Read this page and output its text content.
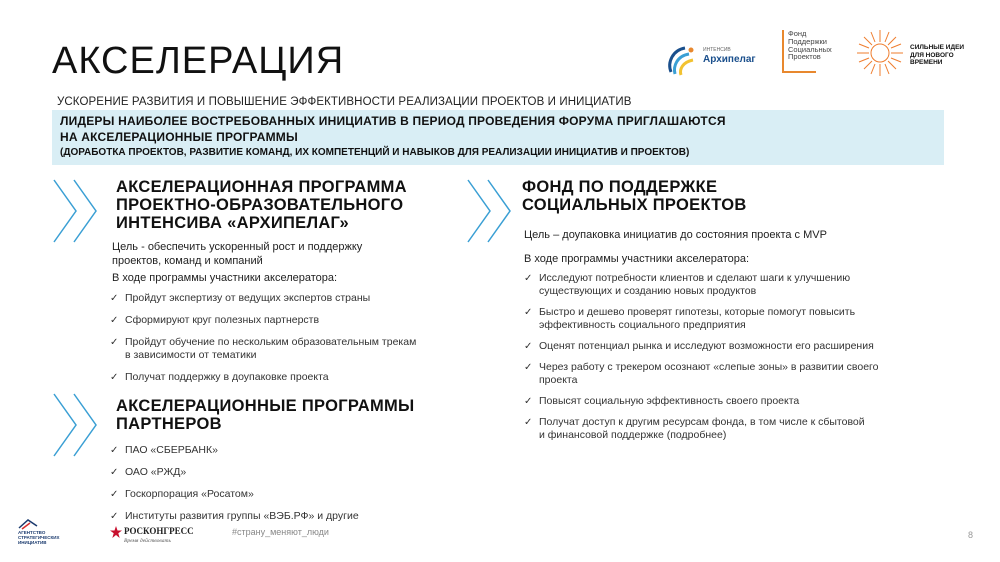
АКСЕЛЕРАЦИЯ
УСКОРЕНИЕ РАЗВИТИЯ И ПОВЫШЕНИЕ ЭФФЕКТИВНОСТИ РЕАЛИЗАЦИИ ПРОЕКТОВ И ИНИЦИАТИВ
ИНТЕНСИВ
Архипелаг
Фонд
Поддержки
Социальных
Проектов
СИЛЬНЫЕ ИДЕИ
ДЛЯ НОВОГО
ВРЕМЕНИ
ЛИДЕРЫ НАИБОЛЕЕ ВОСТРЕБОВАННЫХ ИНИЦИАТИВ В ПЕРИОД ПРОВЕДЕНИЯ ФОРУМА ПРИГЛАШАЮТСЯ
НА АКСЕЛЕРАЦИОННЫЕ ПРОГРАММЫ
(ДОРАБОТКА ПРОЕКТОВ, РАЗВИТИЕ КОМАНД, ИХ КОМПЕТЕНЦИЙ И НАВЫКОВ ДЛЯ РЕАЛИЗАЦИИ ИНИЦИАТИВ И ПРОЕКТОВ)
АКСЕЛЕРАЦИОННАЯ ПРОГРАММА
ПРОЕКТНО-ОБРАЗОВАТЕЛЬНОГО
ИНТЕНСИВА «АРХИПЕЛАГ»
Цель - обеспечить ускоренный рост и поддержку
проектов, команд и компаний
В ходе программы участники акселератора:
✓ Пройдут экспертизу от ведущих экспертов страны
✓ Сформируют круг полезных партнерств
✓ Пройдут обучение по нескольким образовательным трекам
в зависимости от тематики
✓ Получат поддержку в доупаковке проекта
АКСЕЛЕРАЦИОННЫЕ ПРОГРАММЫ
ПАРТНЕРОВ
✓ ПАО «СБЕРБАНК»
✓ ОАО «РЖД»
✓ Госкорпорация «Росатом»
✓ Институты развития группы «ВЭБ.РФ» и другие
ФОНД ПО ПОДДЕРЖКЕ
СОЦИАЛЬНЫХ ПРОЕКТОВ
Цель – доупаковка инициатив до состояния проекта с MVP
В ходе программы участники акселератора:
✓ Исследуют потребности клиентов и сделают шаги к улучшению
существующих и созданию новых продуктов
✓ Быстро и дешево проверят гипотезы, которые помогут повысить
эффективность социального предприятия
✓ Оценят потенциал рынка и исследуют возможности его расширения
✓ Через работу с трекером осознают «слепые зоны» в развитии своего
проекта
✓ Повысят социальную эффективность своего проекта
✓ Получат доступ к другим ресурсам фонда, в том числе к сбытовой
и финансовой поддержке (подробнее)
АГЕНТСТВО
СТРАТЕГИЧЕСКИХ
ИНИЦИАТИВ
РОСКОНГРЕСС
Время действовать
#страну_меняют_люди	8
